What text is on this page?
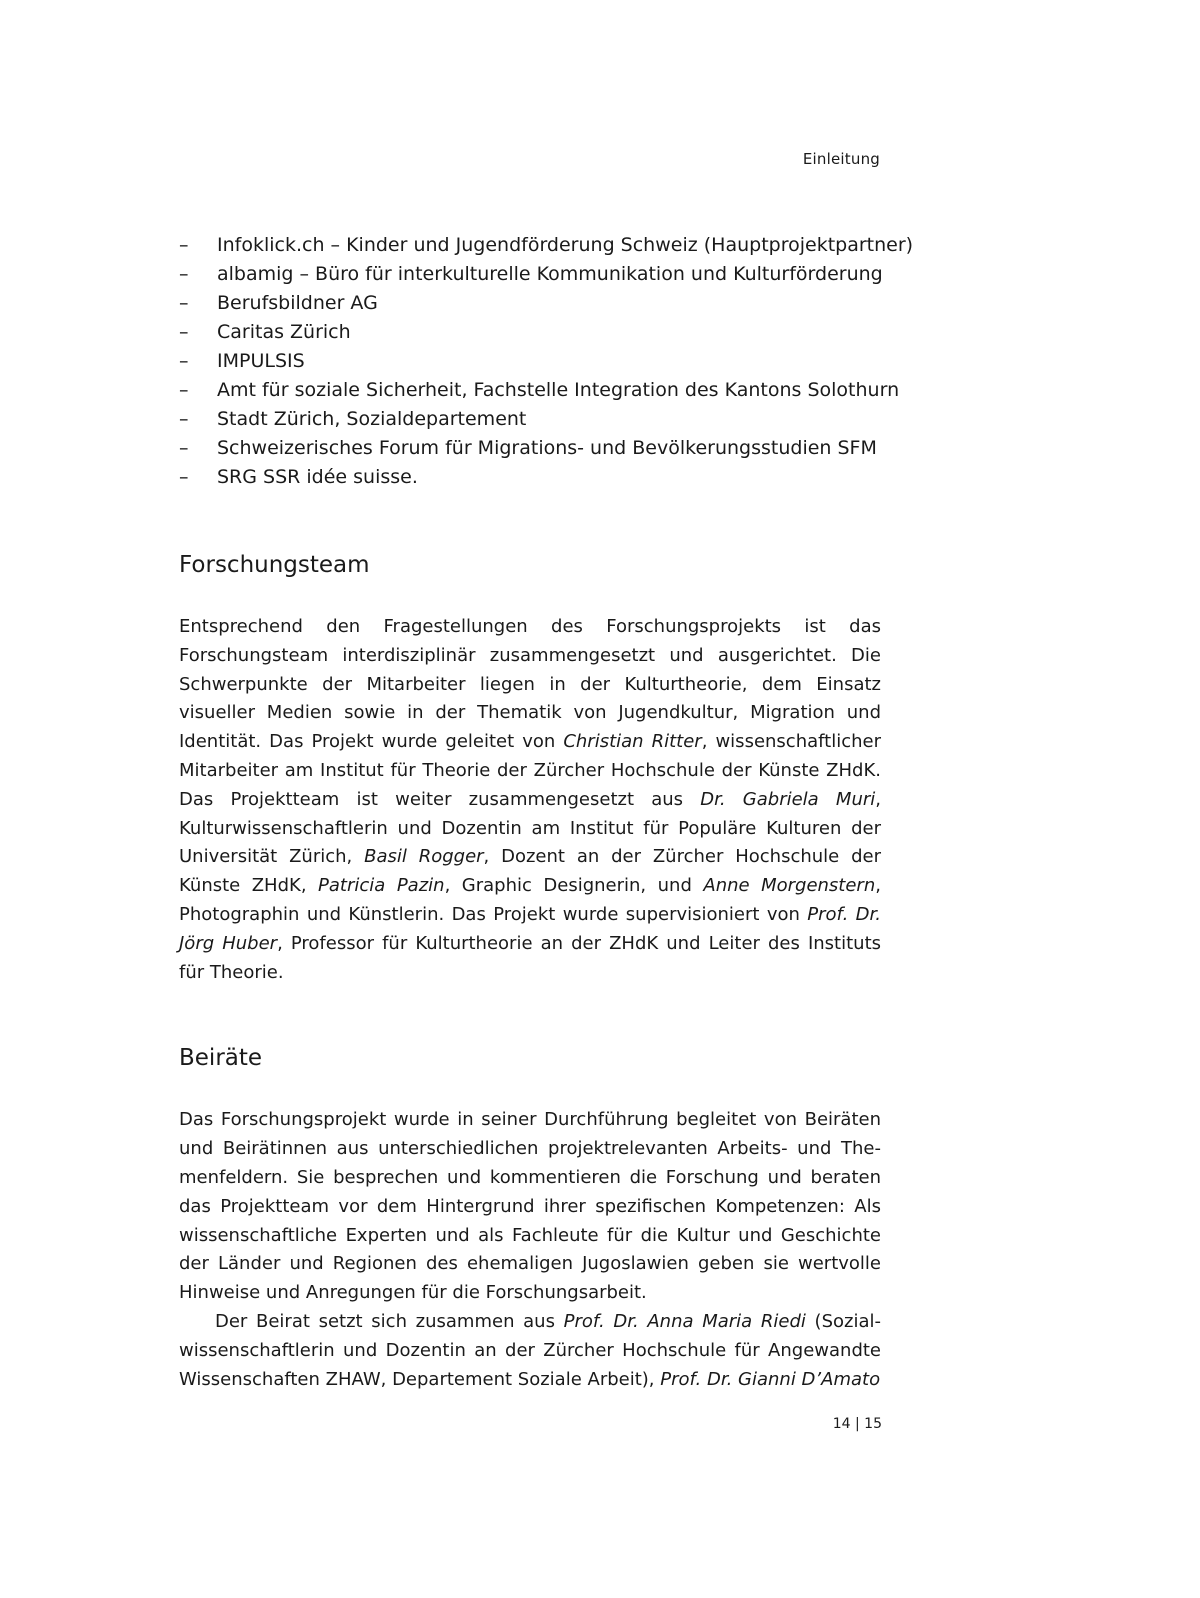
Einleitung
– Infoklick.ch – Kinder und Jugendförderung Schweiz (Hauptprojektpartner)
– albamig – Büro für interkulturelle Kommunikation und Kulturförderung
– Berufsbildner AG
– Caritas Zürich
– IMPULSIS
– Amt für soziale Sicherheit, Fachstelle Integration des Kantons Solothurn
– Stadt Zürich, Sozialdepartement
– Schweizerisches Forum für Migrations- und Bevölkerungsstudien SFM
– SRG SSR idée suisse.
Forschungsteam

Entsprechend den Fragestellungen des Forschungsprojekts ist das Forschungsteam interdisziplinär zusammengesetzt und ausgerichtet. Die Schwerpunkte der Mitarbeiter liegen in der Kulturtheorie, dem Einsatz visueller Medien sowie in der Thematik von Jugendkultur, Migration und Identität. Das Projekt wurde geleitet von Christian Ritter, wissenschaftlicher Mitarbeiter am Institut für Theorie der Zürcher Hochschule der Künste ZHdK. Das Projektteam ist weiter zusammengesetzt aus Dr. Gabriela Muri, Kulturwissenschaftlerin und Dozentin am Institut für Populäre Kulturen der Universität Zürich, Basil Rogger, Dozent an der Zürcher Hochschule der Künste ZHdK, Patricia Pazin, Graphic Designerin, und Anne Morgenstern, Photographin und Künstlerin. Das Projekt wurde supervisioniert von Prof. Dr. Jörg Huber, Professor für Kulturtheorie an der ZHdK und Leiter des Instituts für Theorie.

Beiräte

Das Forschungsprojekt wurde in seiner Durchführung begleitet von Beiräten und Beirätinnen aus unterschiedlichen projektrelevanten Arbeits- und Themenfeldern. Sie besprechen und kommentieren die Forschung und beraten das Projektteam vor dem Hintergrund ihrer spezifischen Kompetenzen: Als wissenschaftliche Experten und als Fachleute für die Kultur und Geschichte der Länder und Regionen des ehemaligen Jugoslawien geben sie wertvolle Hinweise und Anregungen für die Forschungsarbeit.

Der Beirat setzt sich zusammen aus Prof. Dr. Anna Maria Riedi (Sozialwissenschaftlerin und Dozentin an der Zürcher Hochschule für Angewandte Wissenschaften ZHAW, Departement Soziale Arbeit), Prof. Dr. Gianni D’Amato

14 | 15
